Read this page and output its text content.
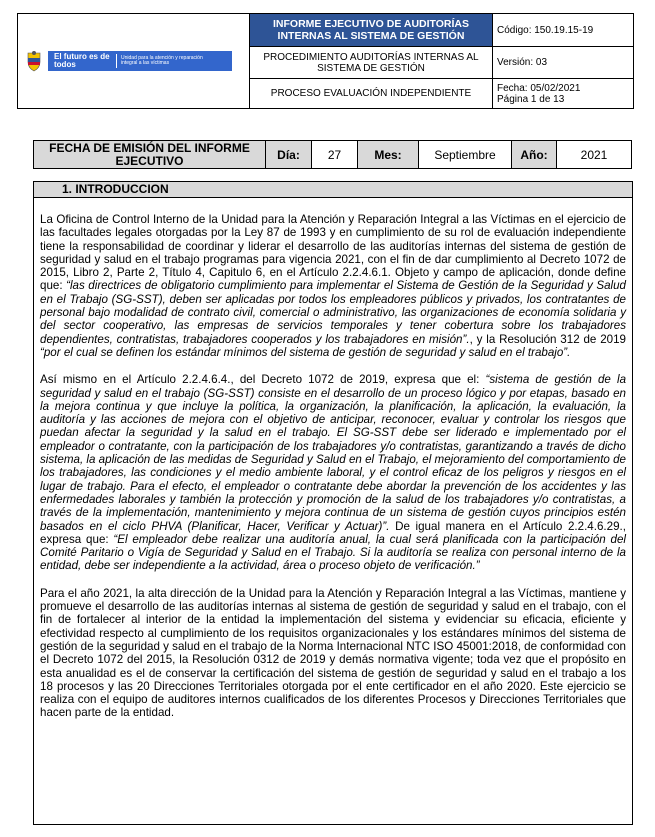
El futuro es de todos
Unidad para la atención y reparación integral a las víctimas	INFORME EJECUTIVO DE AUDITORÍAS INTERNAS AL SISTEMA DE GESTIÓN	Código: 150.19.15-19
	PROCEDIMIENTO AUDITORÍAS INTERNAS AL SISTEMA DE GESTIÓN	Versión: 03
	PROCESO EVALUACIÓN INDEPENDIENTE	Fecha: 05/02/2021
Página 1 de 13
FECHA DE EMISIÓN DEL INFORME EJECUTIVO	Día:	27	Mes:	Septiembre	Año:	2021
1. INTRODUCCION

La Oficina de Control Interno de la Unidad para la Atención y Reparación Integral a las Víctimas en el ejercicio de las facultades legales otorgadas por la Ley 87 de 1993 y en cumplimiento de su rol de evaluación independiente tiene la responsabilidad de coordinar y liderar el desarrollo de las auditorías internas del sistema de gestión de seguridad y salud en el trabajo programas para vigencia 2021, con el fin de dar cumplimiento al Decreto 1072 de 2015, Libro 2, Parte 2, Título 4, Capitulo 6, en el Artículo 2.2.4.6.1. Objeto y campo de aplicación, donde define que: “las directrices de obligatorio cumplimiento para implementar el Sistema de Gestión de la Seguridad y Salud en el Trabajo (SG-SST), deben ser aplicadas por todos los empleadores públicos y privados, los contratantes de personal bajo modalidad de contrato civil, comercial o administrativo, las organizaciones de economía solidaria y del sector cooperativo, las empresas de servicios temporales y tener cobertura sobre los trabajadores dependientes, contratistas, trabajadores cooperados y los trabajadores en misión”., y la Resolución 312 de 2019 “por el cual se definen los estándar mínimos del sistema de gestión de seguridad y salud en el trabajo”.

Así mismo en el Artículo 2.2.4.6.4., del Decreto 1072 de 2019, expresa que el: “sistema de gestión de la seguridad y salud en el trabajo (SG-SST) consiste en el desarrollo de un proceso lógico y por etapas, basado en la mejora continua y que incluye la política, la organización, la planificación, la aplicación, la evaluación, la auditoría y las acciones de mejora con el objetivo de anticipar, reconocer, evaluar y controlar los riesgos que puedan afectar la seguridad y la salud en el trabajo. El SG-SST debe ser liderado e implementado por el empleador o contratante, con la participación de los trabajadores y/o contratistas, garantizando a través de dicho sistema, la aplicación de las medidas de Seguridad y Salud en el Trabajo, el mejoramiento del comportamiento de los trabajadores, las condiciones y el medio ambiente laboral, y el control eficaz de los peligros y riesgos en el lugar de trabajo. Para el efecto, el empleador o contratante debe abordar la prevención de los accidentes y las enfermedades laborales y también la protección y promoción de la salud de los trabajadores y/o contratistas, a través de la implementación, mantenimiento y mejora continua de un sistema de gestión cuyos principios estén basados en el ciclo PHVA (Planificar, Hacer, Verificar y Actuar)”. De igual manera en el Artículo 2.2.4.6.29., expresa que: “El empleador debe realizar una auditoría anual, la cual será planificada con la participación del Comité Paritario o Vigía de Seguridad y Salud en el Trabajo. Si la auditoría se realiza con personal interno de la entidad, debe ser independiente a la actividad, área o proceso objeto de verificación.”

Para el año 2021, la alta dirección de la Unidad para la Atención y Reparación Integral a las Víctimas, mantiene y promueve el desarrollo de las auditorías internas al sistema de gestión de seguridad y salud en el trabajo, con el fin de fortalecer al interior de la entidad la implementación del sistema y evidenciar su eficacia, eficiente y efectividad respecto al cumplimiento de los requisitos organizacionales y los estándares mínimos del sistema de gestión de la seguridad y salud en el trabajo de la Norma Internacional NTC ISO 45001:2018, de conformidad con el Decreto 1072 del 2015, la Resolución 0312 de 2019 y demás normativa vigente; toda vez que el propósito en esta anualidad es el de conservar la certificación del sistema de gestión de seguridad y salud en el trabajo a los 18 procesos y las 20 Direcciones Territoriales otorgada por el ente certificador en el año 2020. Este ejercicio se realiza con el equipo de auditores internos cualificados de los diferentes Procesos y Direcciones Territoriales que hacen parte de la entidad.
